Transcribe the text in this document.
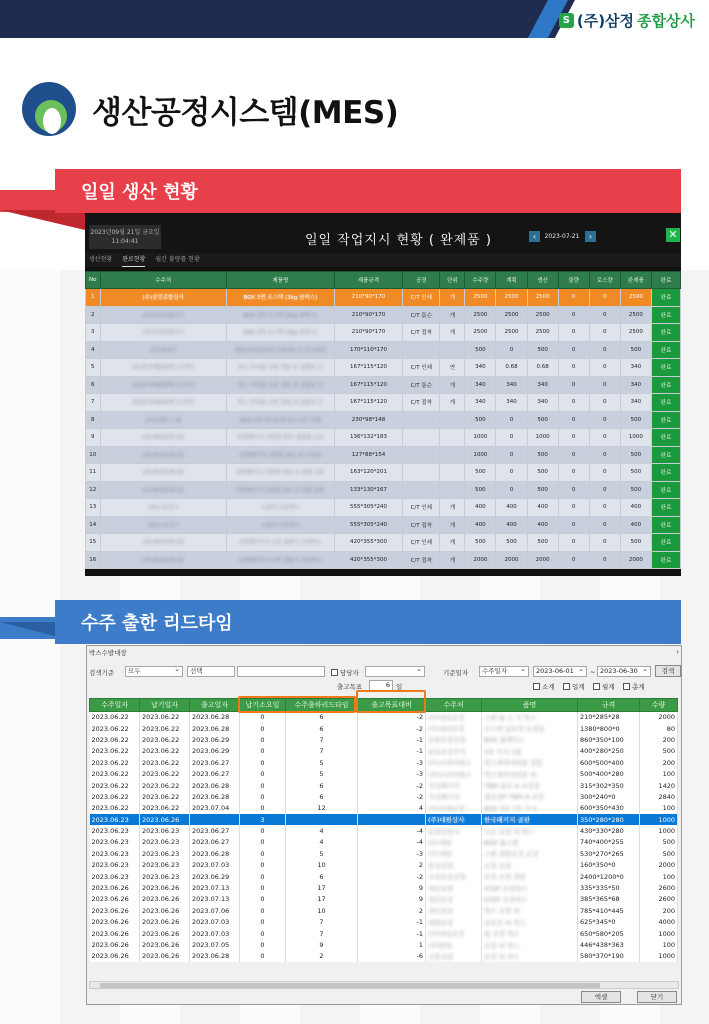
S (주)삼정 종합상사
생산공정시스템(MES)
일일 생산 현황
2023년09월 21일 금요일
11:04:41	일일 작업지시 현황 ( 완제품 )	‹	2023-07-21	›	✕
생산현황 완료현황 월간 불량률 현황
No	수주처	제품명	제품규격	공정	단위	수주량	계획	생산	불량	로스량	완제품	완료
1	(주)삼정종합상사	BOX 3면 조스택 (3kg 원박스)	210*90*170	C/T 인쇄	개	2500	2500	2500	0	0	2500	완료
2	(주)삼정종합상사	BOX 3면 조스택 (3kg 원박스)	210*90*170	C/T 톰슨	개	2500	2500	2500	0	0	2500	완료
3	(주)삼정종합상사	BOX 3면 조스택 (3kg 원박스)	210*90*170	C/T 접착	개	2500	2500	2500	0	0	2500	완료
4	한국클레이	제품상세정보테스트용테스트 표시항목	170*110*170			500	0	500	0	0	500	완료
5	(주)한국메탈플렉스코리아	박스 부속품 조판 전달 외 샘플링 인	167*115*120	C/T 인쇄	연	340	0.68	0.68	0	0	340	완료
6	(주)한국메탈플렉스코리아	박스 부속품 조판 전달 외 샘플링 인	167*115*120	C/T 톰슨	개	340	340	340	0	0	340	완료
7	(주)한국메탈플렉스코리아	박스 부속품 조판 전달 외 샘플링 인	167*115*120	C/T 접착	개	340	340	340	0	0	340	완료
8	(주)트랜드스쿨	BOX 5면 배고은재 출포 1단 인쇄	230*98*148			500	0	500	0	0	500	완료
9	(주)에버밀레니엄	단면패키지 간편한 회로 결합형 소포	136*132*183			1000	0	1000	0	0	1000	완료
10	(주)에버밀레니엄	단면패키지 간편한 회로 외 조포용	127*88*154			1000	0	500	0	0	500	완료
11	(주)에버밀레니엄	단면패키지 간편한 회로 외 결합 종류	163*120*201			500	0	500	0	0	500	완료
12	(주)에버밀레니엄	단면패키지 간편한 회로 외 결합 종류	133*130*167			500	0	500	0	0	500	완료
13	(주)스토리그	소용량 포장박스	555*305*240	C/T 인쇄	개	400	400	400	0	0	400	완료
14	(주)스토리그	소용량 포장박스	555*305*240	C/T 접착	개	400	400	400	0	0	400	완료
15	(주)에버밀레니엄	단면패키지 F 1면 결합이 포장박스	420*355*300	C/T 인쇄	개	500	500	500	0	0	500	완료
16	(주)에버밀레니엄	단면패키지 F 1면 결합이 포장박스	420*355*300	C/T 접착	개	2000	2000	2000	0	0	2000	완료
수주 출한 리드타임
박스수발대장	›
검색기준	모두 ⌄	선택	담당자 ⌄	기준일자	수주일자 ⌄	2023-06-01 ⌄	~ 2023-06-30 ⌄	검색
출고목표	6 일	소계	일계	월계	총계
수주일자	납기일자	출고일자	납기소요일	수주출하리드타임	출고목표대비	수주처	품명	규격	수량
2023.06.22	2023.06.22	2023.06.28	0	6	-2	(주)대성포장	스텐 롤 소 식 박스	210*285*28	2000
2023.06.22	2023.06.22	2023.06.28	0	6	-2	(주)대성포장	조스텐 납포장 포장용	1380*800*0	80
2023.06.22	2023.06.22	2023.06.29	0	7	-1	동화포장산업	BOX 롤케이스	860*350*100	200
2023.06.22	2023.06.22	2023.06.29	0	7	-1	동일포장주식	3호 무지 1줄	400*280*250	500
2023.06.22	2023.06.22	2023.06.27	0	5	-3	(주)코리아테크	박스제작의뢰품 결합	600*500*400	200
2023.06.22	2023.06.22	2023.06.27	0	5	-3	(주)코리아테크	박스제작의뢰품 외	500*400*280	100
2023.06.22	2023.06.22	2023.06.28	0	6	-2	지성패키지	TBM 졸포 A 포장용	315*302*350	1420
2023.06.22	2023.06.22	2023.06.28	0	6	-2	지성패키지	줄포장P TBM A 포장	300*240*0	2840
2023.06.22	2023.06.22	2023.07.04	0	12	4	(주)미래포장	BOX 3호 7호 무지	600*350*430	100
2023.06.23	2023.06.26		3			(주)대원상사	한국패키지 골판	350*280*280	1000
2023.06.23	2023.06.23	2023.06.27	0	4	-4	동양산업사	조포 포장 외 박스	430*330*280	1000
2023.06.23	2023.06.23	2023.06.27	0	4	-4	(주)세림	BOX 롤스텐	740*400*255	500
2023.06.23	2023.06.23	2023.06.28	0	5	-3	(주)세림	스텐 결합포장 포장	530*270*265	500
2023.06.23	2023.06.23	2023.07.03	0	10	2	한성산업	소형 포장	160*350*0	2000
2023.06.23	2023.06.23	2023.06.29	0	6	-2	우리포장산업	포장 소형 결합	2400*1200*0	100
2023.06.26	2023.06.26	2023.07.13	0	17	9	세진포장	STEP 포장박스	335*335*50	2600
2023.06.26	2023.06.26	2023.07.13	0	17	9	세진포장	STEP 포장박스	385*365*68	2600
2023.06.26	2023.06.26	2023.07.06	0	10	2	세진포장	박스 포장 외	785*410*445	200
2023.06.26	2023.06.26	2023.07.03	0	7	-1	대양포장	납포장 외 박스	625*345*0	4000
2023.06.26	2023.06.26	2023.07.03	0	7	-1	(주)대성포장	롤 포장 박스	650*580*205	1000
2023.06.26	2023.06.26	2023.07.05	0	9	1	(주)한빛	포장 외 박스	446*438*363	100
2023.06.26	2023.06.26	2023.06.28	0	2	-6	신흥산업	포장 외 박스	580*370*190	1000
엑셀	닫기
